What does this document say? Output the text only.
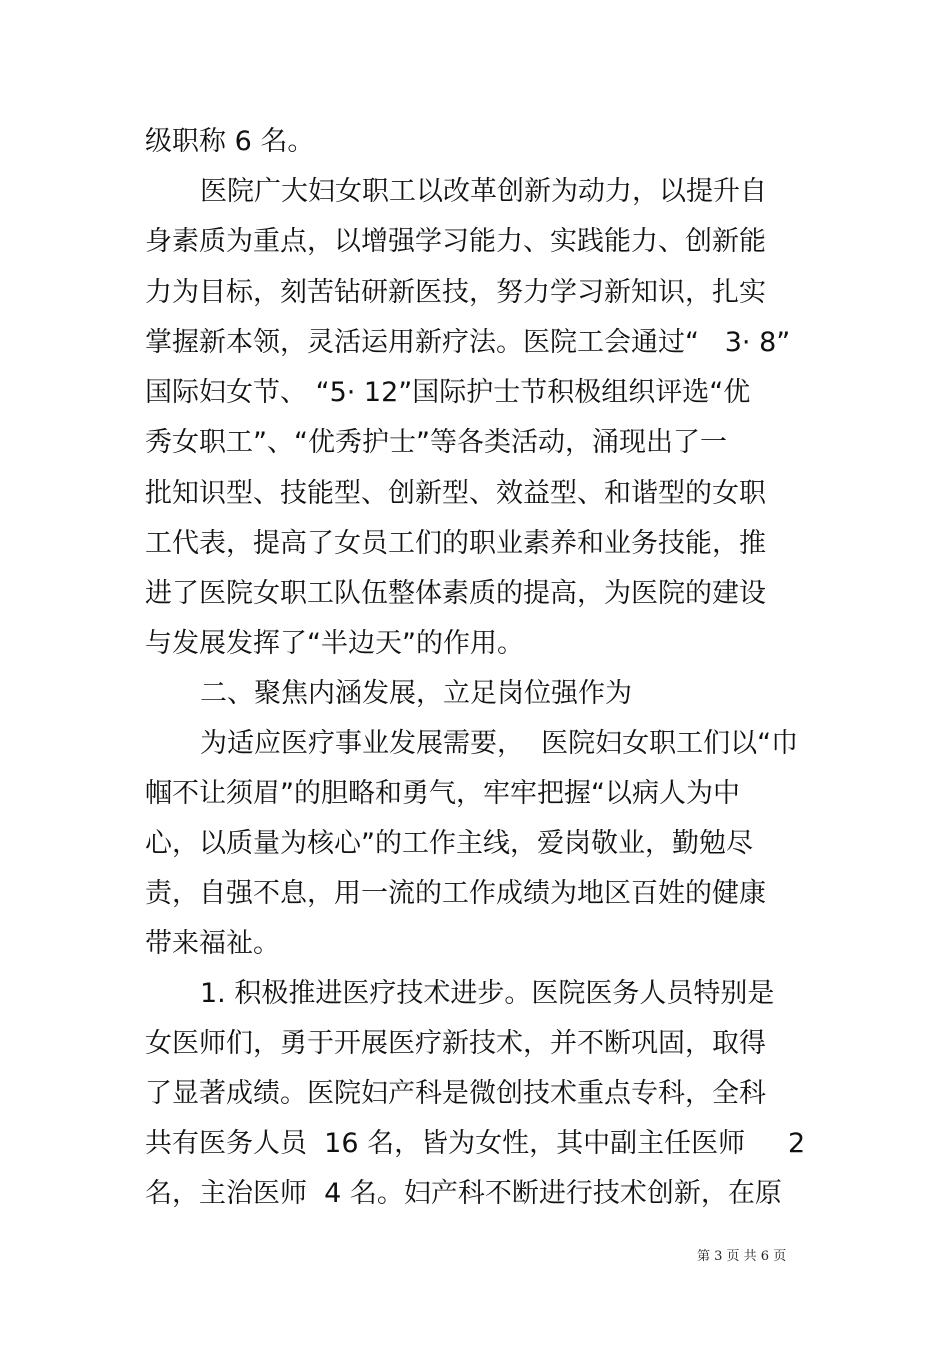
级职称 6 名。
医院广大妇女职工以改革创新为动力，以提升自
身素质为重点，以增强学习能力、实践能力、创新能
力为目标，刻苦钻研新医技，努力学习新知识，扎实
掌握新本领，灵活运用新疗法。医院工会通过“   3· 8”
国际妇女节、 “5· 12”国际护士节积极组织评选“优
秀女职工”、“优秀护士”等各类活动，涌现出了一
批知识型、技能型、创新型、效益型、和谐型的女职
工代表，提高了女员工们的职业素养和业务技能，推
进了医院女职工队伍整体素质的提高，为医院的建设
与发展发挥了“半边天”的作用。
二、聚焦内涵发展，立足岗位强作为
为适应医疗事业发展需要，  医院妇女职工们以“巾
帼不让须眉”的胆略和勇气，牢牢把握“以病人为中
心，以质量为核心”的工作主线，爱岗敬业，勤勉尽
责，自强不息，用一流的工作成绩为地区百姓的健康
带来福祉。
1. 积极推进医疗技术进步。医院医务人员特别是
女医师们，勇于开展医疗新技术，并不断巩固，取得
了显著成绩。医院妇产科是微创技术重点专科，全科
共有医务人员  16 名，皆为女性，其中副主任医师     2
名，主治医师  4 名。妇产科不断进行技术创新，在原
第 3 页 共 6 页
